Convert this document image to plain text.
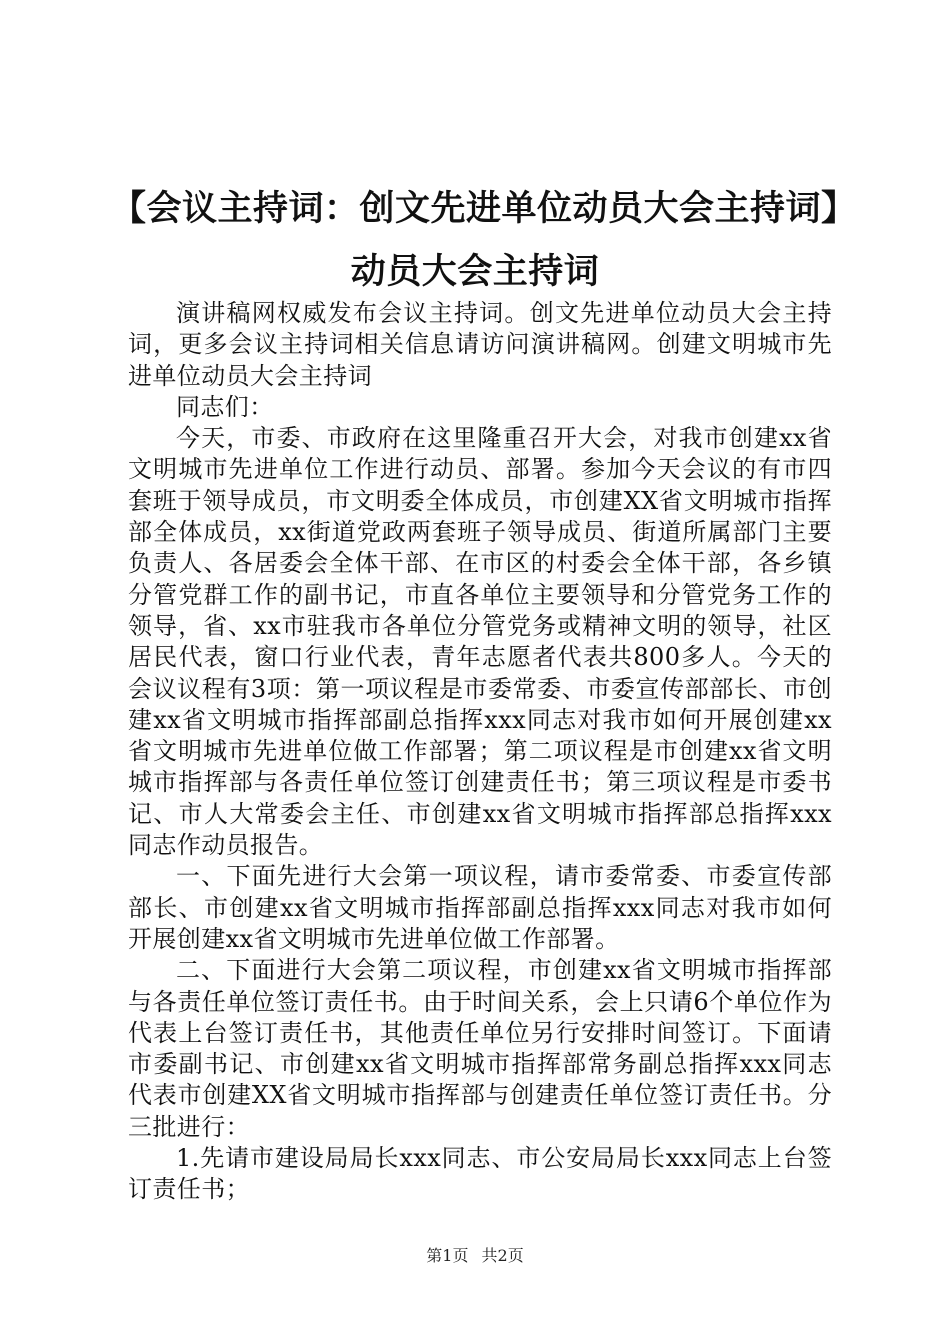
【会议主持词：创文先进单位动员大会主持词】动员大会主持词

演讲稿网权威发布会议主持词。创文先进单位动员大会主持词，更多会议主持词相关信息请访问演讲稿网。创建文明城市先进单位动员大会主持词

同志们：

今天，市委、市政府在这里隆重召开大会，对我市创建xx省文明城市先进单位工作进行动员、部署。参加今天会议的有市四套班于领导成员，市文明委全体成员，市创建XX省文明城市指挥部全体成员，xx街道党政两套班子领导成员、街道所属部门主要负责人、各居委会全体干部、在市区的村委会全体干部，各乡镇分管党群工作的副书记，市直各单位主要领导和分管党务工作的领导，省、xx市驻我市各单位分管党务或精神文明的领导，社区居民代表，窗口行业代表，青年志愿者代表共800多人。今天的会议议程有3项：第一项议程是市委常委、市委宣传部部长、市创建xx省文明城市指挥部副总指挥xxx同志对我市如何开展创建xx省文明城市先进单位做工作部署；第二项议程是市创建xx省文明城市指挥部与各责任单位签订创建责任书；第三项议程是市委书记、市人大常委会主任、市创建xx省文明城市指挥部总指挥xxx同志作动员报告。

一、下面先进行大会第一项议程，请市委常委、市委宣传部部长、市创建xx省文明城市指挥部副总指挥xxx同志对我市如何开展创建xx省文明城市先进单位做工作部署。

二、下面进行大会第二项议程，市创建xx省文明城市指挥部与各责任单位签订责任书。由于时间关系，会上只请6个单位作为代表上台签订责任书，其他责任单位另行安排时间签订。下面请市委副书记、市创建xx省文明城市指挥部常务副总指挥xxx同志代表市创建XX省文明城市指挥部与创建责任单位签订责任书。分三批进行：

1.先请市建设局局长xxx同志、市公安局局长xxx同志上台签订责任书；

第1页 共2页
